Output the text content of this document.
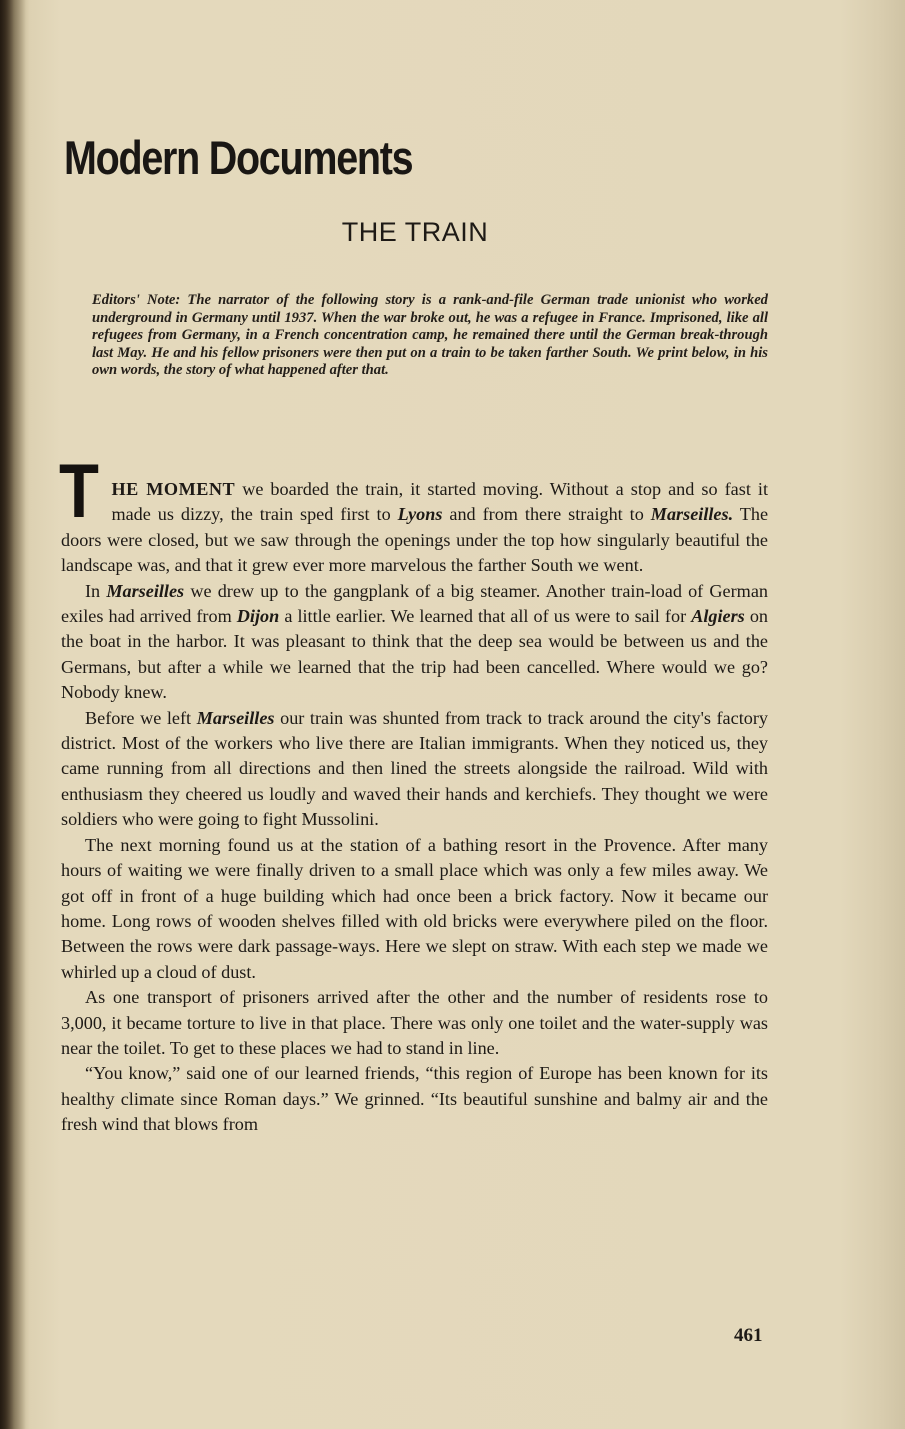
Modern Documents
THE TRAIN

Editors' Note: The narrator of the following story is a rank-and-file German trade unionist who worked underground in Germany until 1937. When the war broke out, he was a refugee in France. Imprisoned, like all refugees from Germany, in a French concentration camp, he remained there until the German break-through last May. He and his fellow prisoners were then put on a train to be taken farther South. We print below, in his own words, the story of what happened after that.

THE MOMENT we boarded the train, it started moving. Without a stop and so fast it made us dizzy, the train sped first to Lyons and from there straight to Marseilles. The doors were closed, but we saw through the openings under the top how singularly beautiful the landscape was, and that it grew ever more marvelous the farther South we went.

In Marseilles we drew up to the gangplank of a big steamer. Another train-load of German exiles had arrived from Dijon a little earlier. We learned that all of us were to sail for Algiers on the boat in the harbor. It was pleasant to think that the deep sea would be between us and the Germans, but after a while we learned that the trip had been cancelled. Where would we go? Nobody knew.

Before we left Marseilles our train was shunted from track to track around the city's factory district. Most of the workers who live there are Italian immigrants. When they noticed us, they came running from all directions and then lined the streets alongside the railroad. Wild with enthusiasm they cheered us loudly and waved their hands and kerchiefs. They thought we were soldiers who were going to fight Mussolini.

The next morning found us at the station of a bathing resort in the Provence. After many hours of waiting we were finally driven to a small place which was only a few miles away. We got off in front of a huge building which had once been a brick factory. Now it became our home. Long rows of wooden shelves filled with old bricks were everywhere piled on the floor. Between the rows were dark passage-ways. Here we slept on straw. With each step we made we whirled up a cloud of dust.

As one transport of prisoners arrived after the other and the number of residents rose to 3,000, it became torture to live in that place. There was only one toilet and the water-supply was near the toilet. To get to these places we had to stand in line.

“You know,” said one of our learned friends, “this region of Europe has been known for its healthy climate since Roman days.” We grinned. “Its beautiful sunshine and balmy air and the fresh wind that blows from

461
